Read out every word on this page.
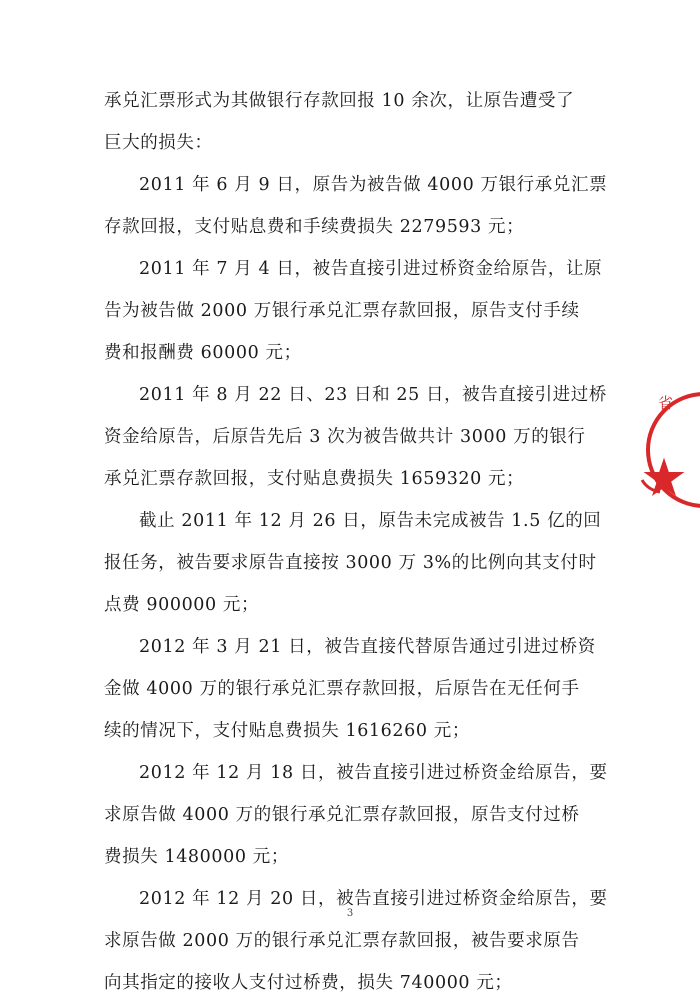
承兑汇票形式为其做银行存款回报 10 余次，让原告遭受了
巨大的损失：
2011 年 6 月 9 日，原告为被告做 4000 万银行承兑汇票
存款回报，支付贴息费和手续费损失 2279593 元；
2011 年 7 月 4 日，被告直接引进过桥资金给原告，让原
告为被告做 2000 万银行承兑汇票存款回报，原告支付手续
费和报酬费 60000 元；
2011 年 8 月 22 日、23 日和 25 日，被告直接引进过桥
资金给原告，后原告先后 3 次为被告做共计 3000 万的银行
承兑汇票存款回报，支付贴息费损失 1659320 元；
截止 2011 年 12 月 26 日，原告未完成被告 1.5 亿的回
报任务，被告要求原告直接按 3000 万 3%的比例向其支付时
点费 900000 元；
2012 年 3 月 21 日，被告直接代替原告通过引进过桥资
金做 4000 万的银行承兑汇票存款回报，后原告在无任何手
续的情况下，支付贴息费损失 1616260 元；
2012 年 12 月 18 日，被告直接引进过桥资金给原告，要
求原告做 4000 万的银行承兑汇票存款回报，原告支付过桥
费损失 1480000 元；
2012 年 12 月 20 日，被告直接引进过桥资金给原告，要
求原告做 2000 万的银行承兑汇票存款回报，被告要求原告
向其指定的接收人支付过桥费，损失 740000 元；
省
3
